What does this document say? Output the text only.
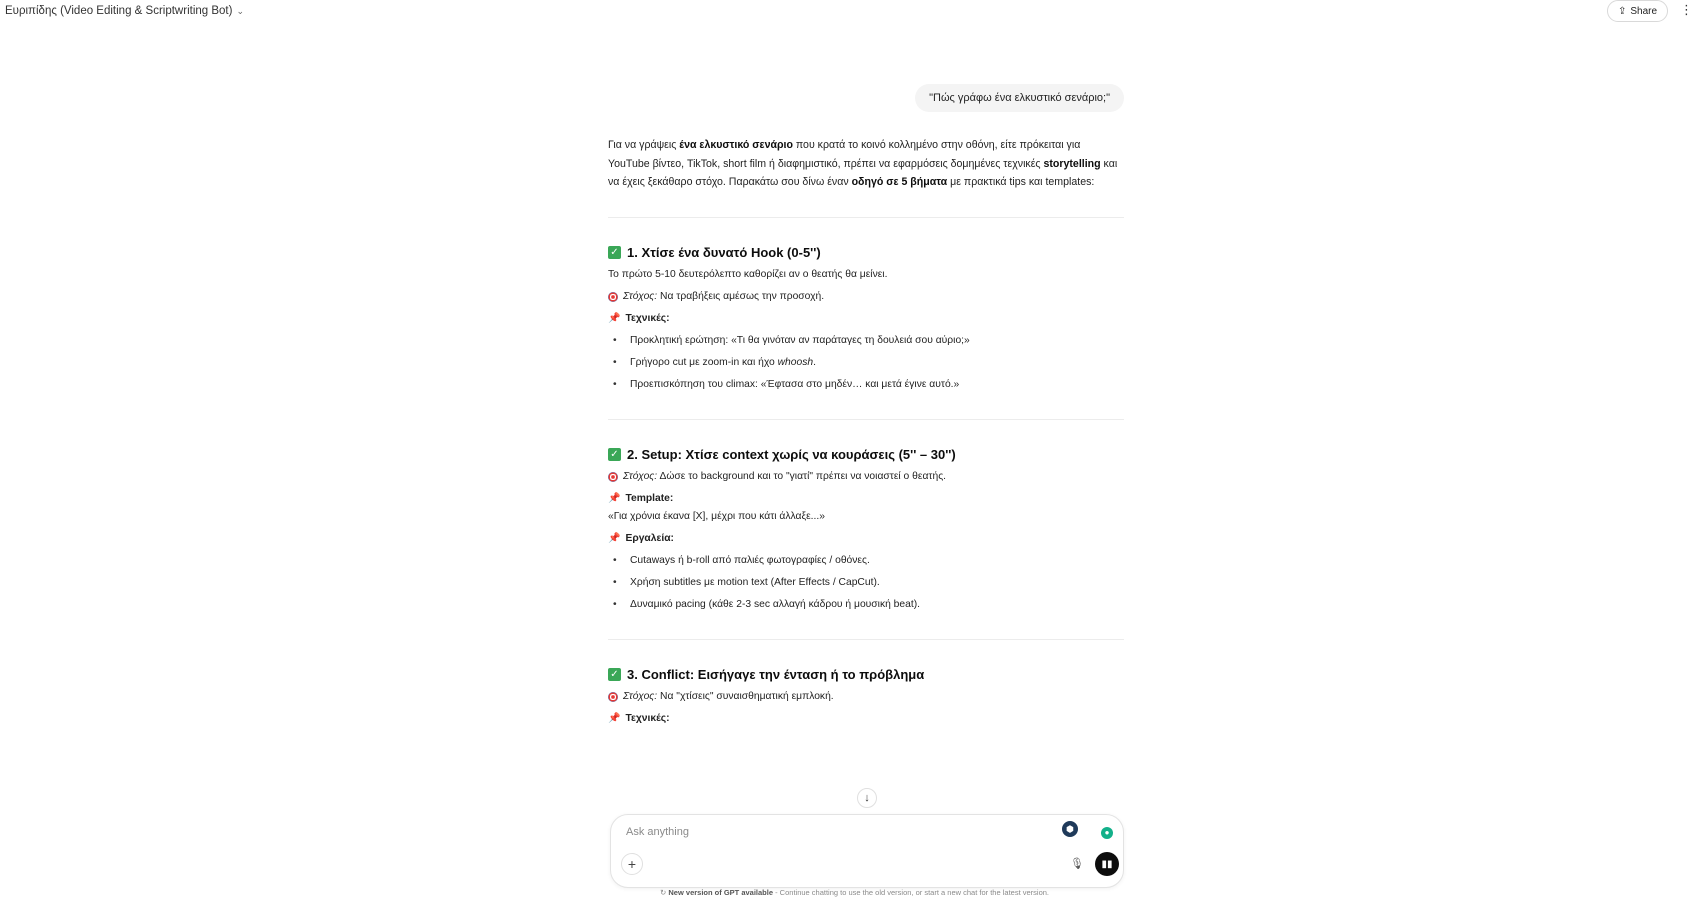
Ευριπίδης (Video Editing & Scriptwriting Bot) ⌄	⇪ Share ⋮
"Πώς γράφω ένα ελκυστικό σενάριο;"
Για να γράψεις ένα ελκυστικό σενάριο που κρατά το κοινό κολλημένο στην οθόνη, είτε πρόκειται για YouTube βίντεο, TikTok, short film ή διαφημιστικό, πρέπει να εφαρμόσεις δομημένες τεχνικές storytelling και να έχεις ξεκάθαρο στόχο. Παρακάτω σου δίνω έναν οδηγό σε 5 βήματα με πρακτικά tips και templates:
✓ 1. Χτίσε ένα δυνατό Hook (0-5'')
Το πρώτο 5-10 δευτερόλεπτο καθορίζει αν ο θεατής θα μείνει.
Στόχος: Να τραβήξεις αμέσως την προσοχή.
📌 Τεχνικές:
• Προκλητική ερώτηση: «Τι θα γινόταν αν παράταγες τη δουλειά σου αύριο;»
• Γρήγορο cut με zoom-in και ήχο whoosh.
• Προεπισκόπηση του climax: «Έφτασα στο μηδέν… και μετά έγινε αυτό.»
✓ 2. Setup: Χτίσε context χωρίς να κουράσεις (5'' – 30'')
Στόχος: Δώσε το background και το "γιατί" πρέπει να νοιαστεί ο θεατής.
📌 Template:
«Για χρόνια έκανα [X], μέχρι που κάτι άλλαξε...»
📌 Εργαλεία:
• Cutaways ή b-roll από παλιές φωτογραφίες / οθόνες.
• Χρήση subtitles με motion text (After Effects / CapCut).
• Δυναμικό pacing (κάθε 2-3 sec αλλαγή κάδρου ή μουσική beat).
✓ 3. Conflict: Εισήγαγε την ένταση ή το πρόβλημα
Στόχος: Να "χτίσεις" συναισθηματική εμπλοκή.
📌 Τεχνικές:
↓
Ask anything
⬢	●
+	🎙 ▮▮
↻ New version of GPT available - Continue chatting to use the old version, or start a new chat for the latest version.
